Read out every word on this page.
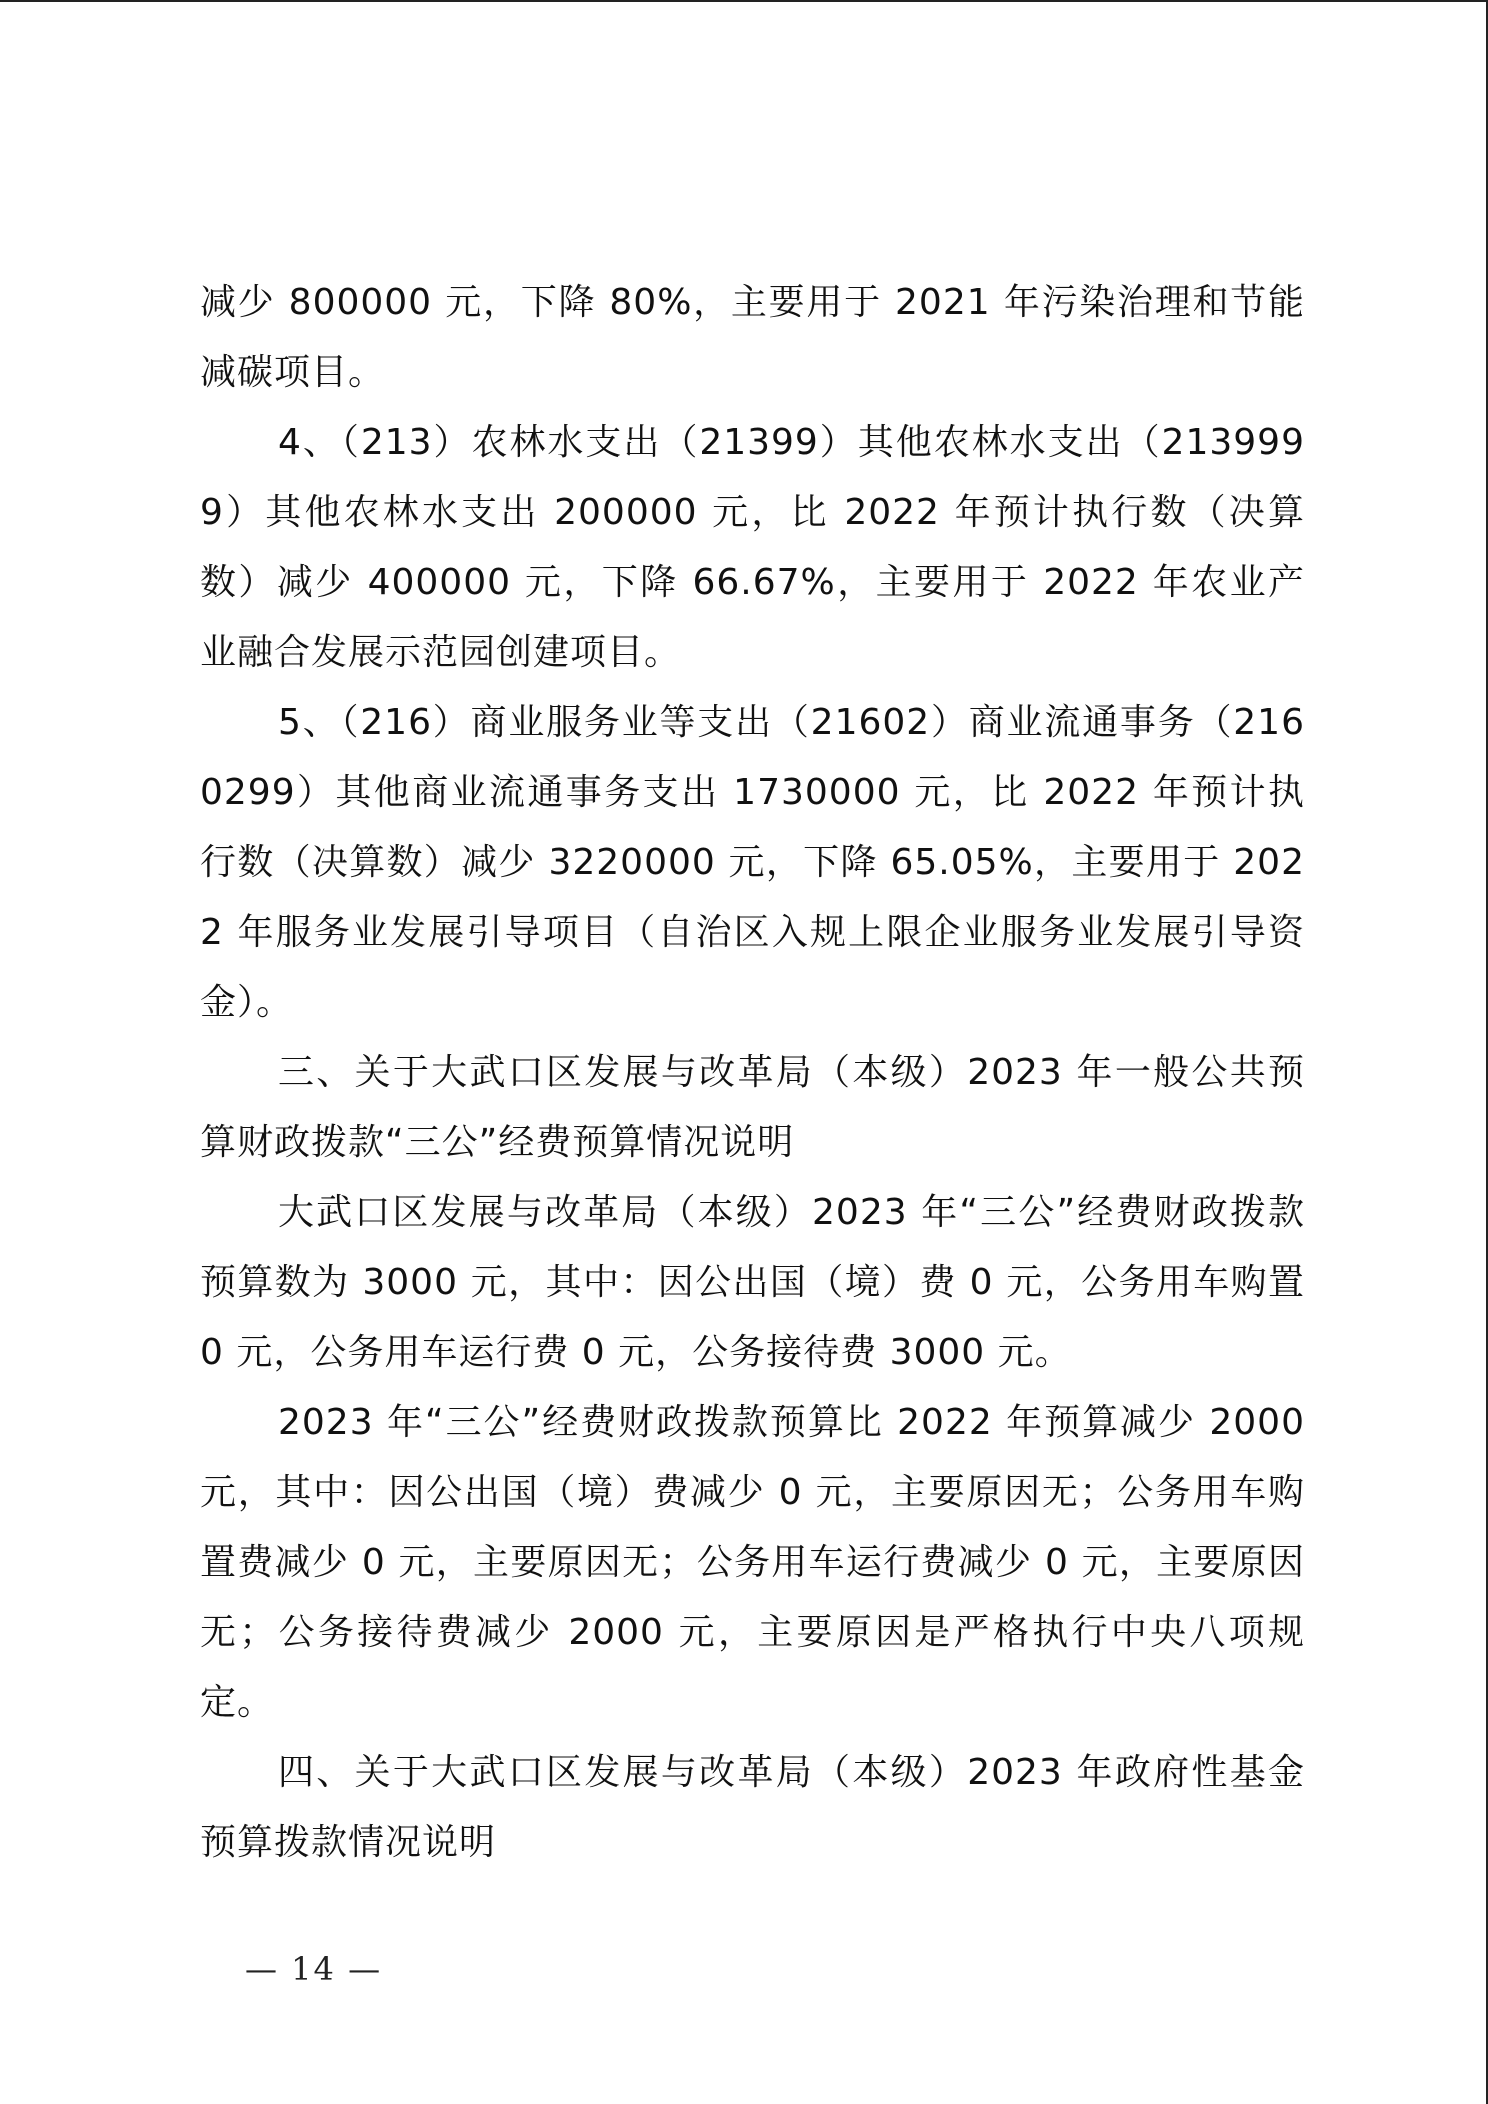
减少 800000 元，下降 80%，主要用于 2021 年污染治理和节能减碳项目。

4、（213）农林水支出（21399）其他农林水支出（2139999）其他农林水支出 200000 元，比 2022 年预计执行数（决算数）减少 400000 元，下降 66.67%，主要用于 2022 年农业产业融合发展示范园创建项目。

5、（216）商业服务业等支出（21602）商业流通事务（2160299）其他商业流通事务支出 1730000 元，比 2022 年预计执行数（决算数）减少 3220000 元，下降 65.05%，主要用于 2022 年服务业发展引导项目（自治区入规上限企业服务业发展引导资金）。

三、关于大武口区发展与改革局（本级）2023 年一般公共预算财政拨款“三公”经费预算情况说明

大武口区发展与改革局（本级）2023 年“三公”经费财政拨款预算数为 3000 元，其中：因公出国（境）费 0 元，公务用车购置 0 元，公务用车运行费 0 元，公务接待费 3000 元。

2023 年“三公”经费财政拨款预算比 2022 年预算减少 2000 元，其中：因公出国（境）费减少 0 元，主要原因无；公务用车购置费减少 0 元，主要原因无；公务用车运行费减少 0 元，主要原因无；公务接待费减少 2000 元，主要原因是严格执行中央八项规定。

四、关于大武口区发展与改革局（本级）2023 年政府性基金预算拨款情况说明

— 14 —
